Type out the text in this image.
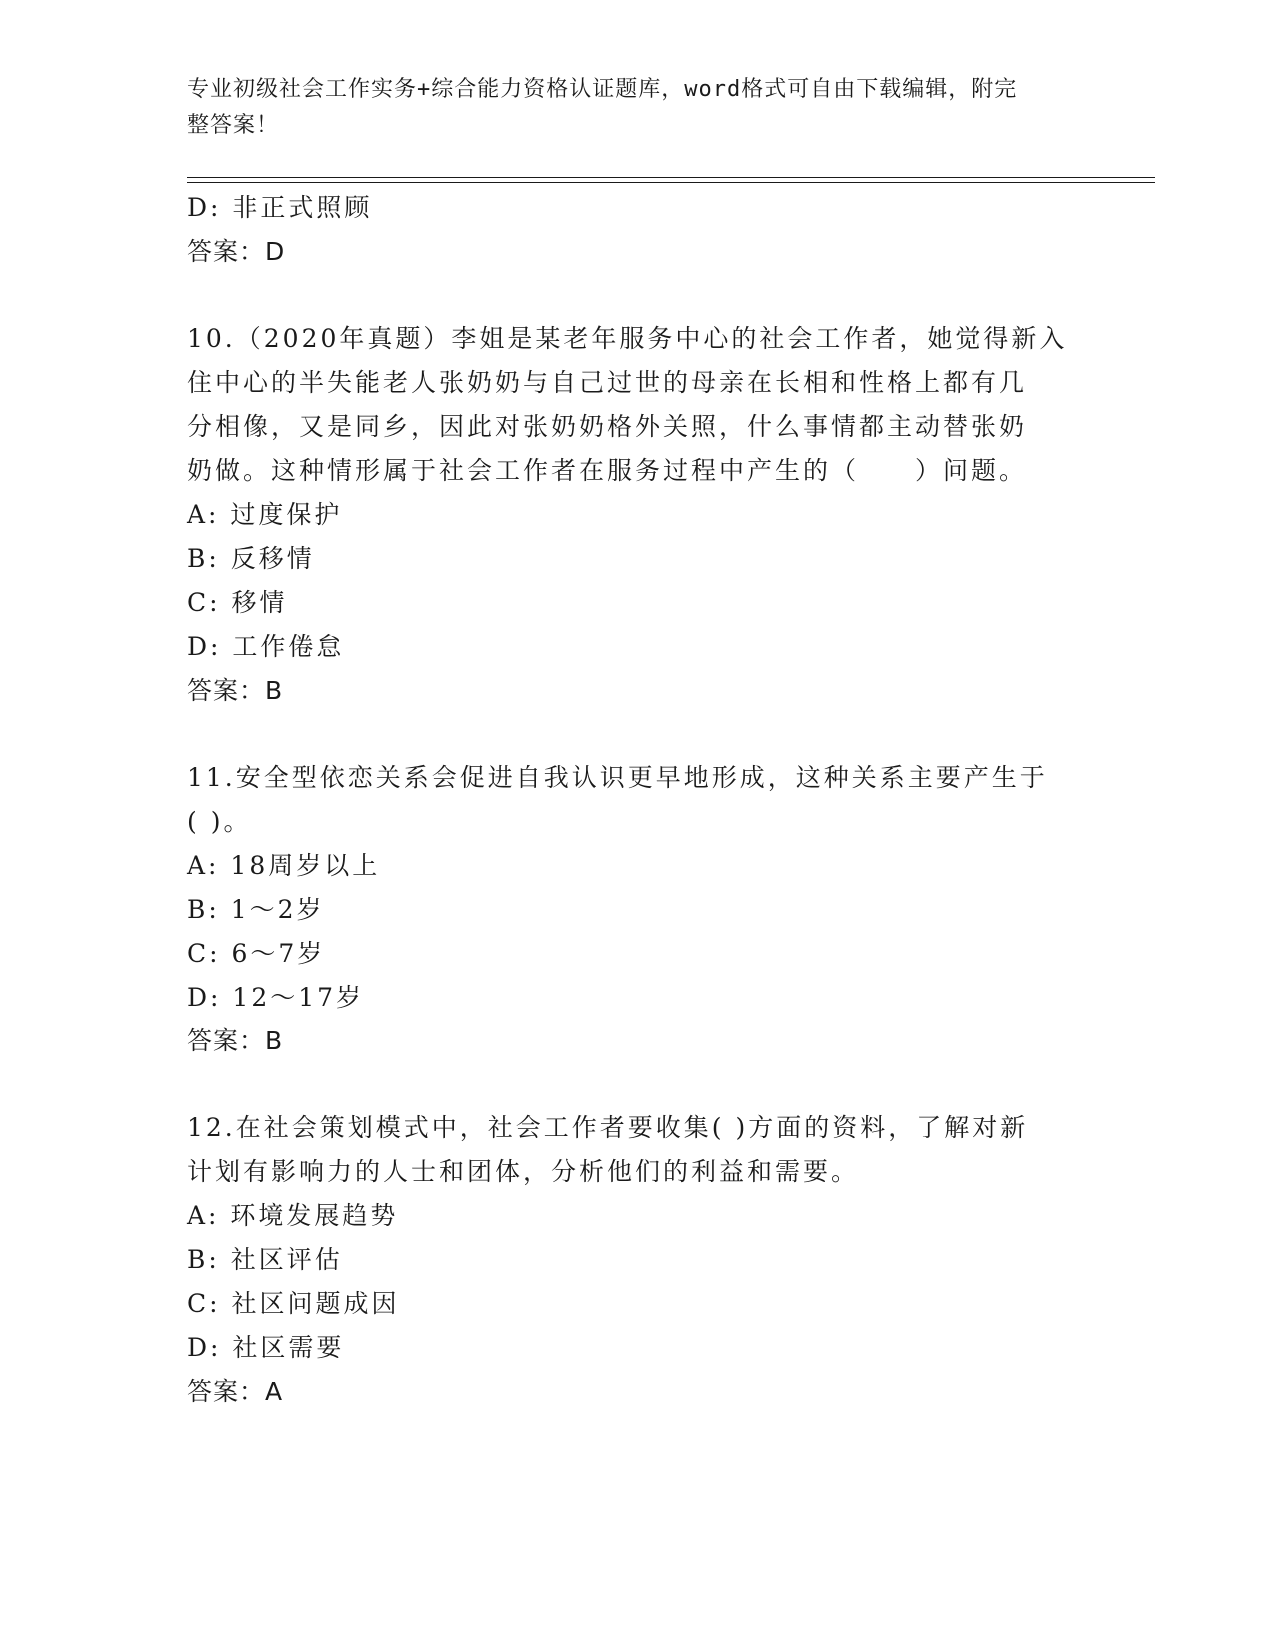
专业初级社会工作实务+综合能力资格认证题库，word格式可自由下载编辑，附完
整答案！
D: 非正式照顾
答案：D
10.（2020年真题）李姐是某老年服务中心的社会工作者，她觉得新入
住中心的半失能老人张奶奶与自己过世的母亲在长相和性格上都有几
分相像，又是同乡，因此对张奶奶格外关照，什么事情都主动替张奶
奶做。这种情形属于社会工作者在服务过程中产生的（　　）问题。
A: 过度保护
B: 反移情
C: 移情
D: 工作倦怠
答案：B
11.安全型依恋关系会促进自我认识更早地形成，这种关系主要产生于
( )。
A: 18周岁以上
B: 1～2岁
C: 6～7岁
D: 12～17岁
答案：B
12.在社会策划模式中，社会工作者要收集( )方面的资料，了解对新
计划有影响力的人士和团体，分析他们的利益和需要。
A: 环境发展趋势
B: 社区评估
C: 社区问题成因
D: 社区需要
答案：A
